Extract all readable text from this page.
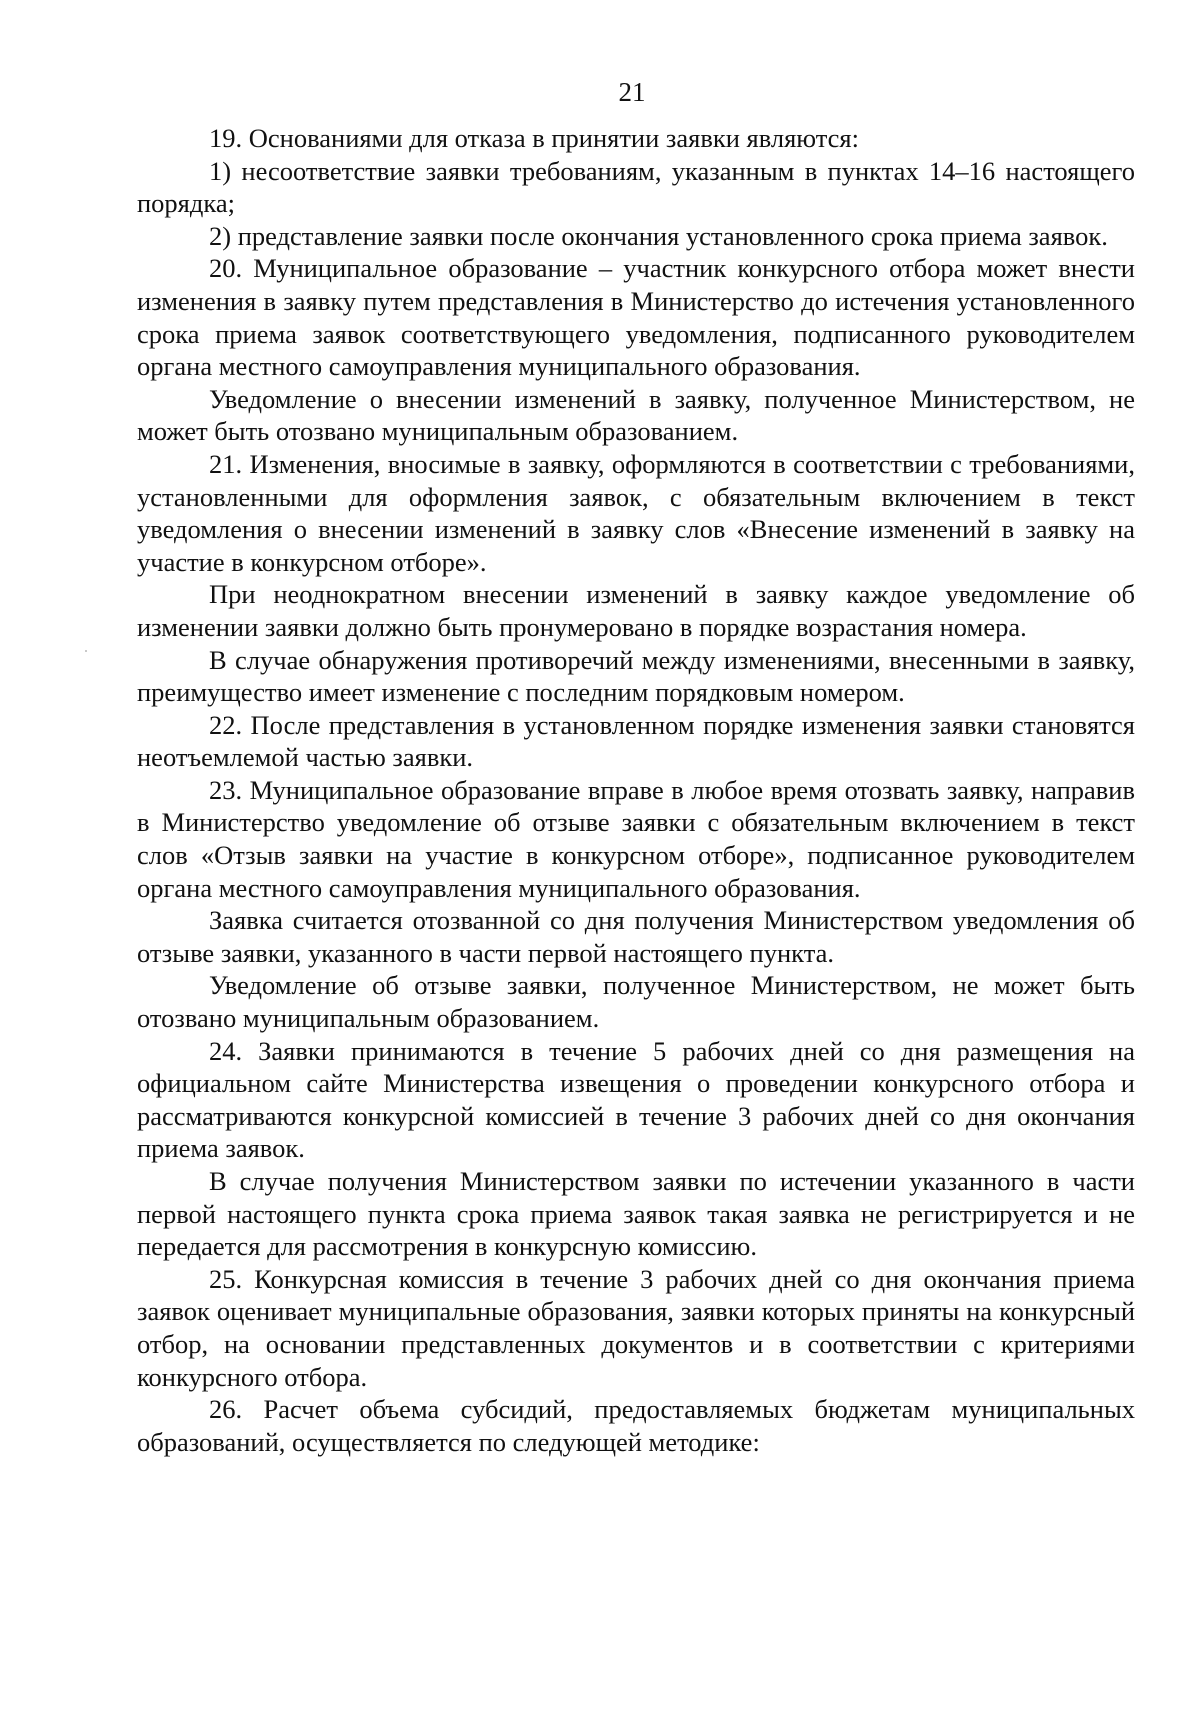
21

19. Основаниями для отказа в принятии заявки являются:

1) несоответствие заявки требованиям, указанным в пунктах 14–16 настоящего порядка;

2) представление заявки после окончания установленного срока приема заявок.

20. Муниципальное образование – участник конкурсного отбора может внести изменения в заявку путем представления в Министерство до истечения установленного срока приема заявок соответствующего уведомления, подписанного руководителем органа местного самоуправления муниципального образования.

Уведомление о внесении изменений в заявку, полученное Министерством, не может быть отозвано муниципальным образованием.

21. Изменения, вносимые в заявку, оформляются в соответствии с требованиями, установленными для оформления заявок, с обязательным включением в текст уведомления о внесении изменений в заявку слов «Внесение изменений в заявку на участие в конкурсном отборе».

При неоднократном внесении изменений в заявку каждое уведомление об изменении заявки должно быть пронумеровано в порядке возрастания номера.

В случае обнаружения противоречий между изменениями, внесенными в заявку, преимущество имеет изменение с последним порядковым номером.

22. После представления в установленном порядке изменения заявки становятся неотъемлемой частью заявки.

23. Муниципальное образование вправе в любое время отозвать заявку, направив в Министерство уведомление об отзыве заявки с обязательным включением в текст слов «Отзыв заявки на участие в конкурсном отборе», подписанное руководителем органа местного самоуправления муниципального образования.

Заявка считается отозванной со дня получения Министерством уведомления об отзыве заявки, указанного в части первой настоящего пункта.

Уведомление об отзыве заявки, полученное Министерством, не может быть отозвано муниципальным образованием.

24. Заявки принимаются в течение 5 рабочих дней со дня размещения на официальном сайте Министерства извещения о проведении конкурсного отбора и рассматриваются конкурсной комиссией в течение 3 рабочих дней со дня окончания приема заявок.

В случае получения Министерством заявки по истечении указанного в части первой настоящего пункта срока приема заявок такая заявка не регистрируется и не передается для рассмотрения в конкурсную комиссию.

25. Конкурсная комиссия в течение 3 рабочих дней со дня окончания приема заявок оценивает муниципальные образования, заявки которых приняты на конкурсный отбор, на основании представленных документов и в соответствии с критериями конкурсного отбора.

26. Расчет объема субсидий, предоставляемых бюджетам муниципальных образований, осуществляется по следующей методике:
